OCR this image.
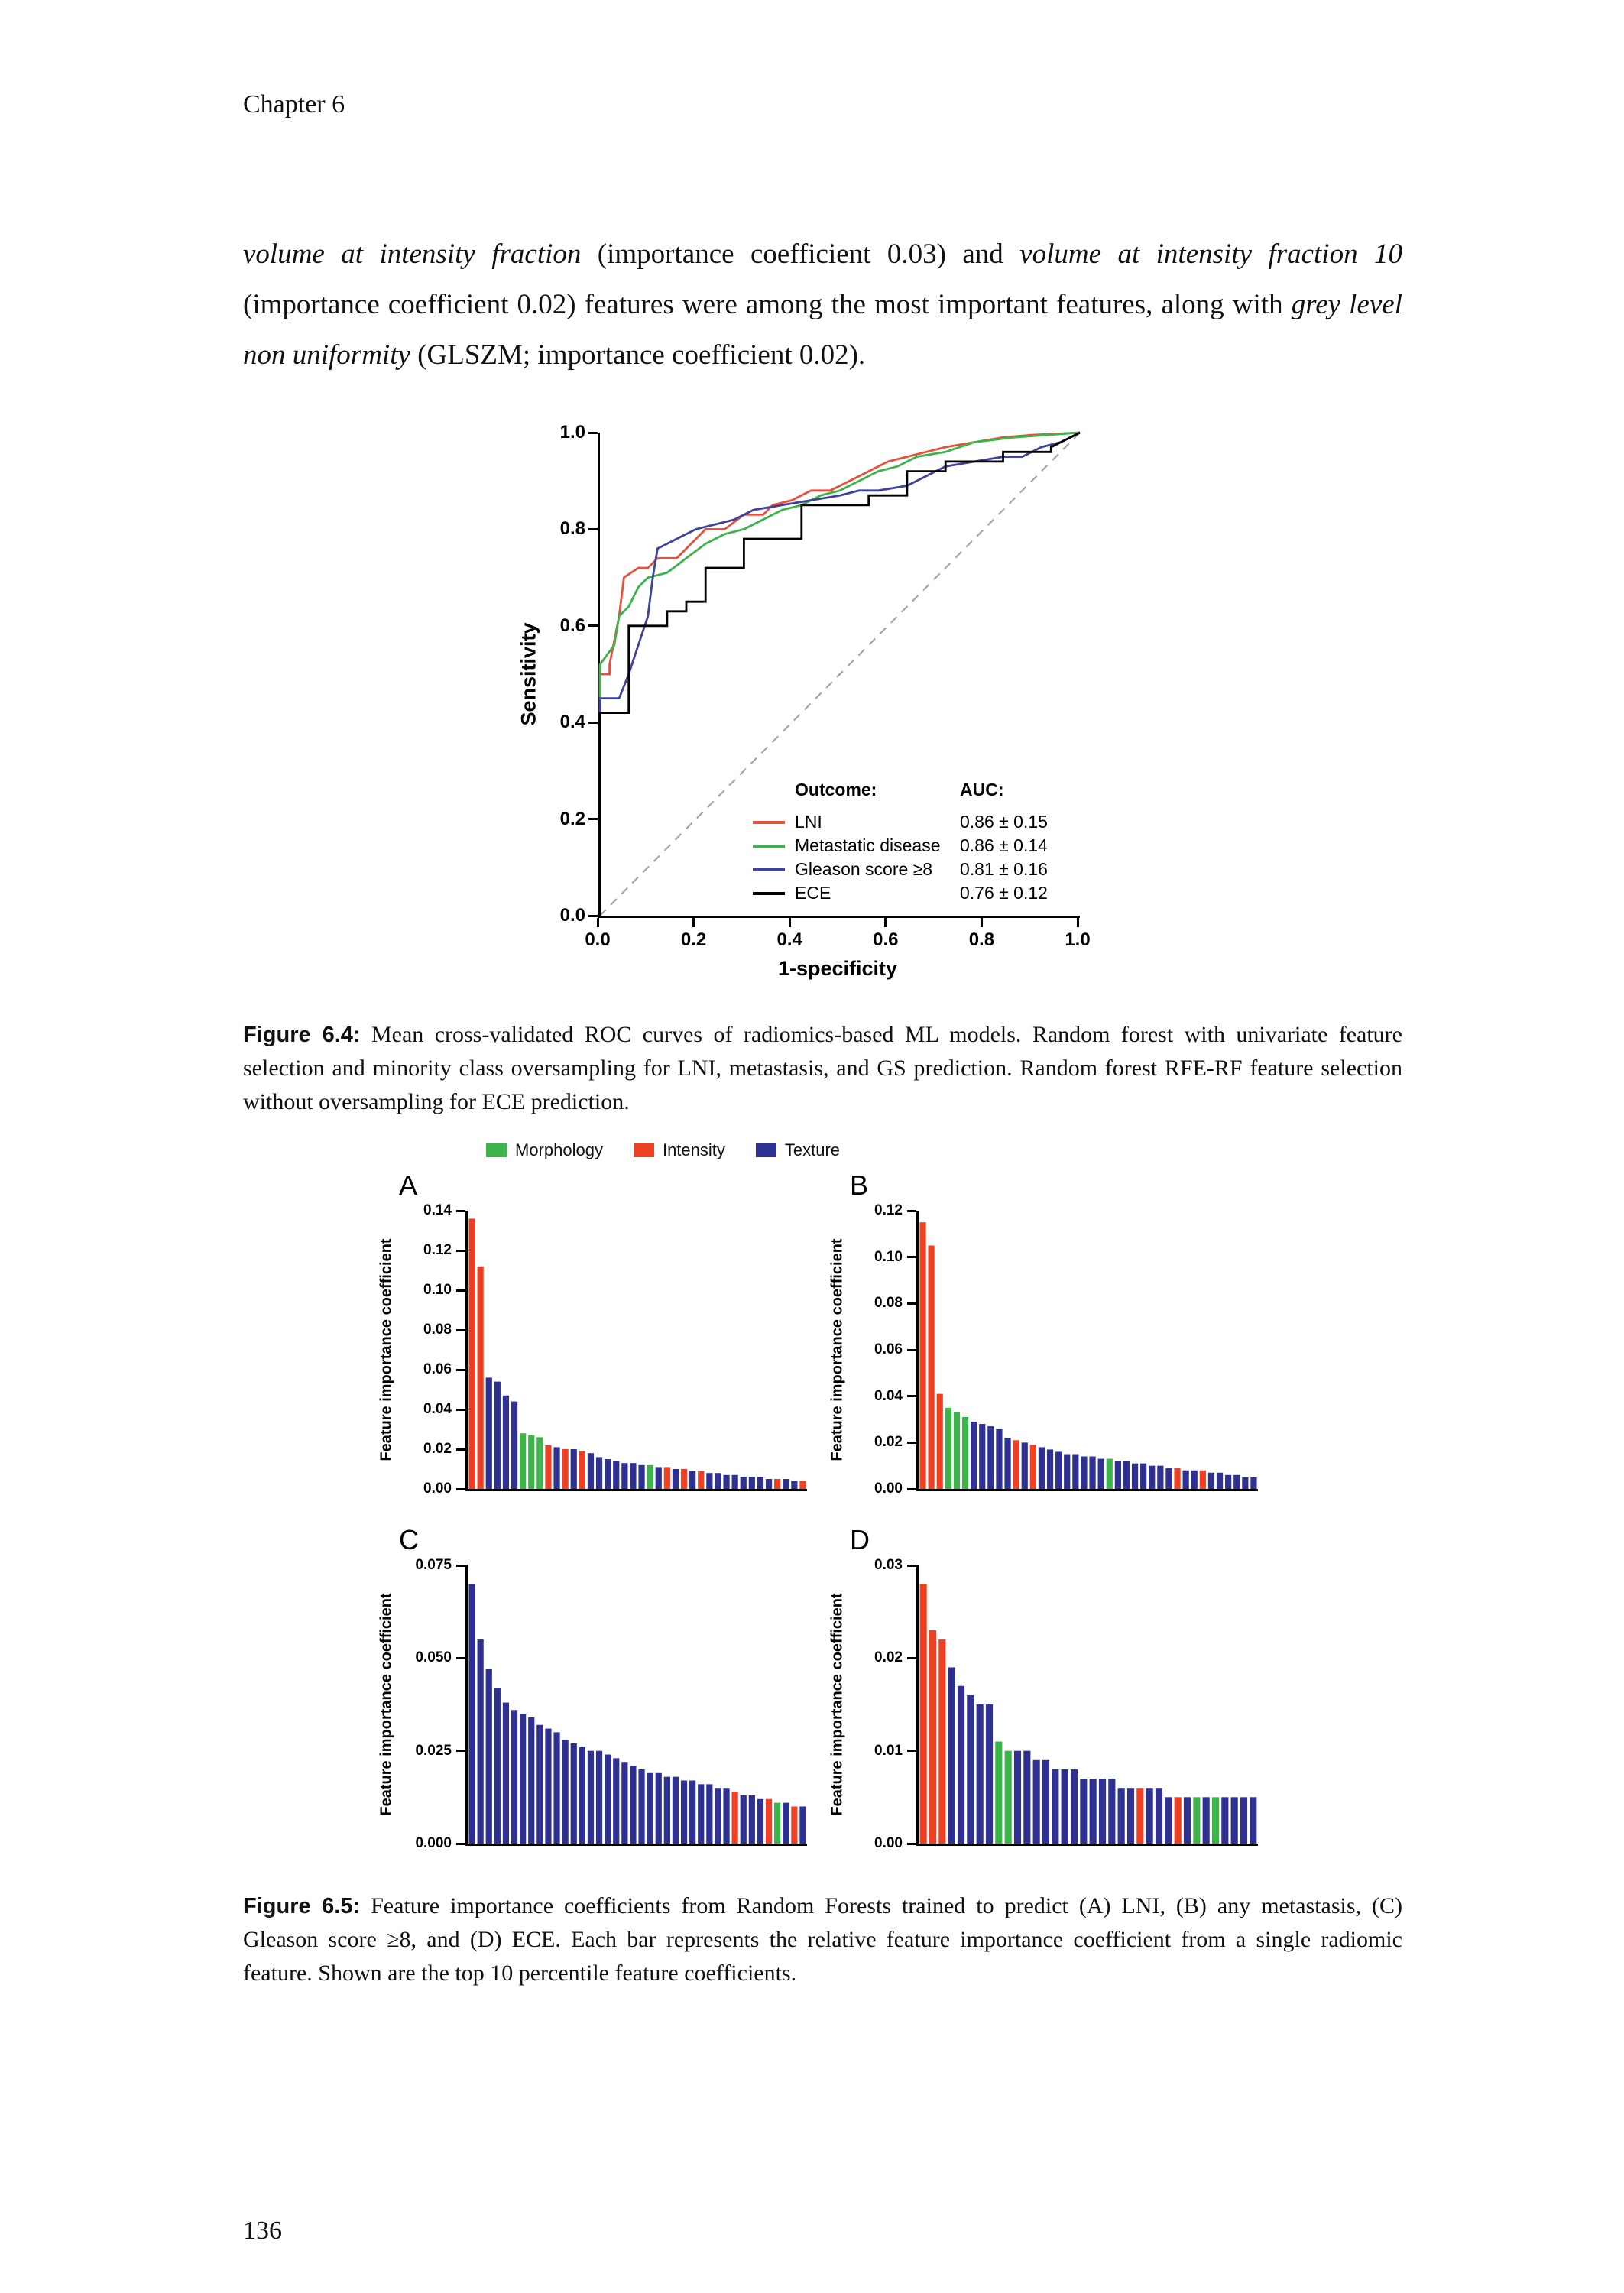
Chapter 6

volume at intensity fraction (importance coefficient 0.03) and volume at intensity fraction 10 (importance coefficient 0.02) features were among the most important features, along with grey level non uniformity (GLSZM; importance coefficient 0.02).

Sensitivity
1-specificity
Outcome:
LNI
Metastatic disease
Gleason score ≥8
ECE
AUC:
0.86 ± 0.15
0.86 ± 0.14
0.81 ± 0.16
0.76 ± 0.12
0.0
0.2
0.4
0.6
0.8
1.0
0.0	0.2	0.4	0.6	0.8	1.0

Figure 6.4: Mean cross-validated ROC curves of radiomics-based ML models. Random forest with univariate feature selection and minority class oversampling for LNI, metastasis, and GS prediction. Random forest RFE-RF feature selection without oversampling for ECE prediction.

Morphology	Intensity	Texture
A
Feature importance coefficient
0.00
0.02
0.04
0.06
0.08
0.10
0.12
0.14
B
Feature importance coefficient
0.00
0.02
0.04
0.06
0.08
0.10
0.12
C
Feature importance coefficient
0.000
0.025
0.050
0.075
D
Feature importance coefficient
0.00
0.01
0.02
0.03

Figure 6.5: Feature importance coefficients from Random Forests trained to predict (A) LNI, (B) any metastasis, (C) Gleason score ≥8, and (D) ECE. Each bar represents the relative feature importance coefficient from a single radiomic feature. Shown are the top 10 percentile feature coefficients.

136
